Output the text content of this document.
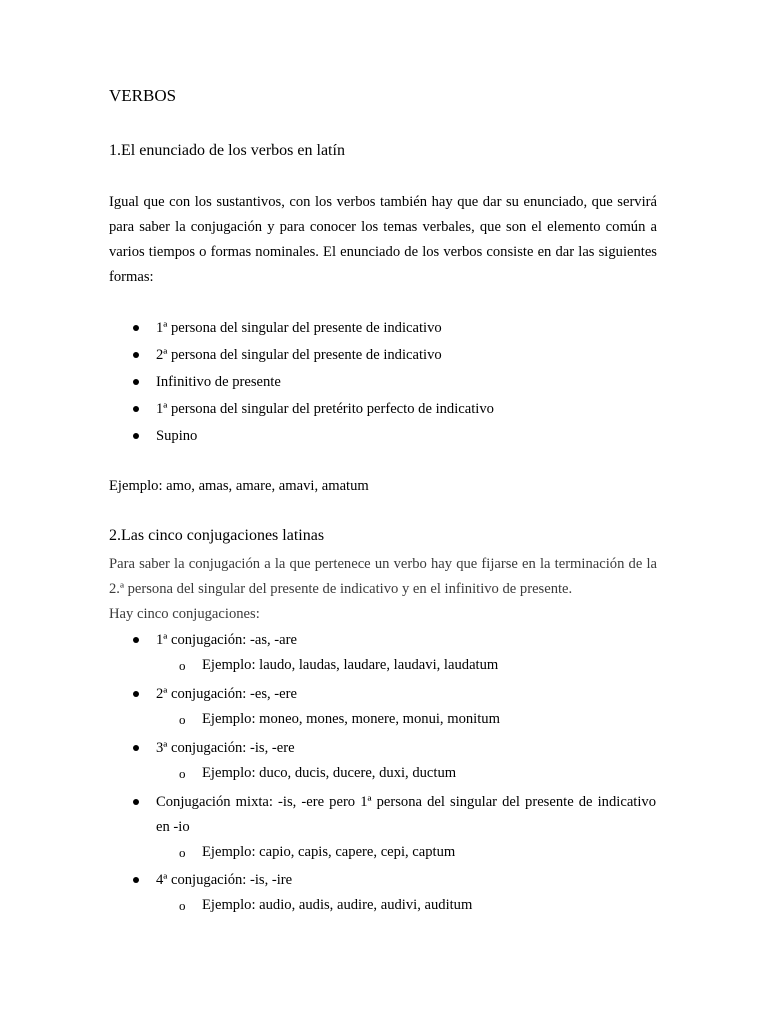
VERBOS
1.El enunciado de los verbos en latín

Igual que con los sustantivos, con los verbos también hay que dar su enunciado, que servirá para saber la conjugación y para conocer los temas verbales, que son el elemento común a varios tiempos o formas nominales. El enunciado de los verbos consiste en dar las siguientes formas:

1ª persona del singular del presente de indicativo
2ª persona del singular del presente de indicativo
Infinitivo de presente
1ª persona del singular del pretérito perfecto de indicativo
Supino

Ejemplo: amo, amas, amare, amavi, amatum

2.Las cinco conjugaciones latinas

Para saber la conjugación a la que pertenece un verbo hay que fijarse en la terminación de la 2.ª persona del singular del presente de indicativo y en el infinitivo de presente.

Hay cinco conjugaciones:

1ª conjugación: -as, -are
o Ejemplo: laudo, laudas, laudare, laudavi, laudatum
2ª conjugación: -es, -ere
o Ejemplo: moneo, mones, monere, monui, monitum
3ª conjugación: -is, -ere
o Ejemplo: duco, ducis, ducere, duxi, ductum
Conjugación mixta: -is, -ere pero 1ª persona del singular del presente de indicativo en -io
o Ejemplo: capio, capis, capere, cepi, captum
4ª conjugación: -is, -ire
o Ejemplo: audio, audis, audire, audivi, auditum
